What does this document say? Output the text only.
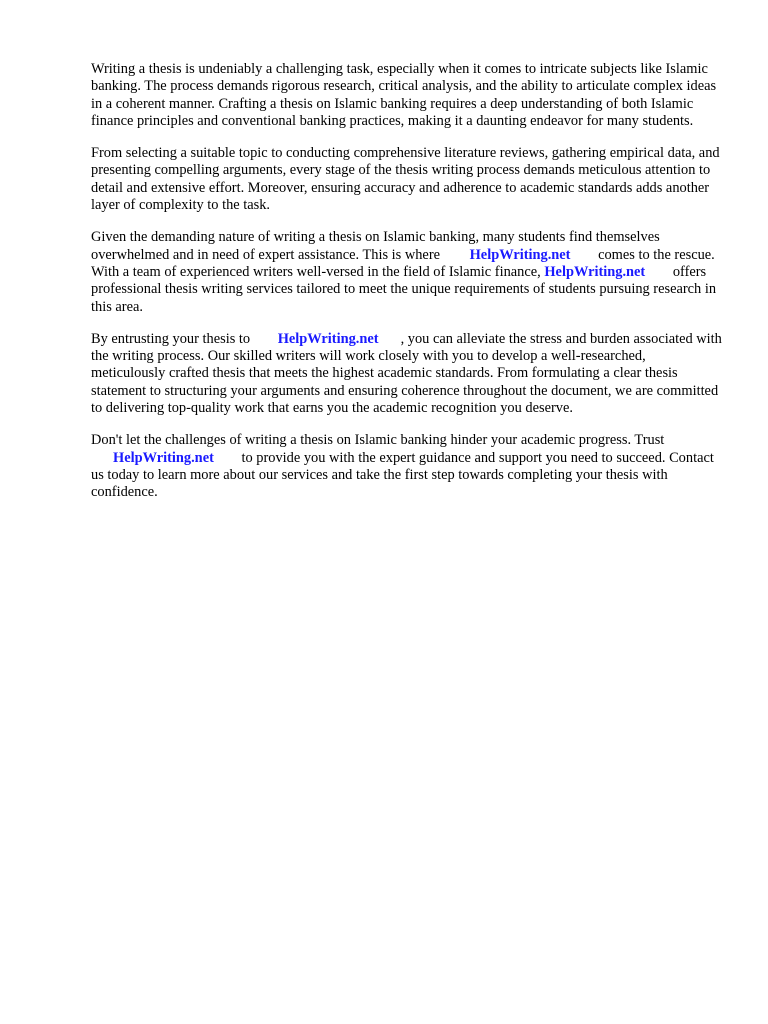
Writing a thesis is undeniably a challenging task, especially when it comes to intricate subjects like Islamic banking. The process demands rigorous research, critical analysis, and the ability to articulate complex ideas in a coherent manner. Crafting a thesis on Islamic banking requires a deep understanding of both Islamic finance principles and conventional banking practices, making it a daunting endeavor for many students.

From selecting a suitable topic to conducting comprehensive literature reviews, gathering empirical data, and presenting compelling arguments, every stage of the thesis writing process demands meticulous attention to detail and extensive effort. Moreover, ensuring accuracy and adherence to academic standards adds another layer of complexity to the task.

Given the demanding nature of writing a thesis on Islamic banking, many students find themselves overwhelmed and in need of expert assistance. This is where HelpWriting.net comes to the rescue. With a team of experienced writers well-versed in the field of Islamic finance, HelpWriting.net offers professional thesis writing services tailored to meet the unique requirements of students pursuing research in this area.

By entrusting your thesis to HelpWriting.net , you can alleviate the stress and burden associated with the writing process. Our skilled writers will work closely with you to develop a well-researched, meticulously crafted thesis that meets the highest academic standards. From formulating a clear thesis statement to structuring your arguments and ensuring coherence throughout the document, we are committed to delivering top-quality work that earns you the academic recognition you deserve.

Don't let the challenges of writing a thesis on Islamic banking hinder your academic progress. Trust HelpWriting.net to provide you with the expert guidance and support you need to succeed. Contact us today to learn more about our services and take the first step towards completing your thesis with confidence.
